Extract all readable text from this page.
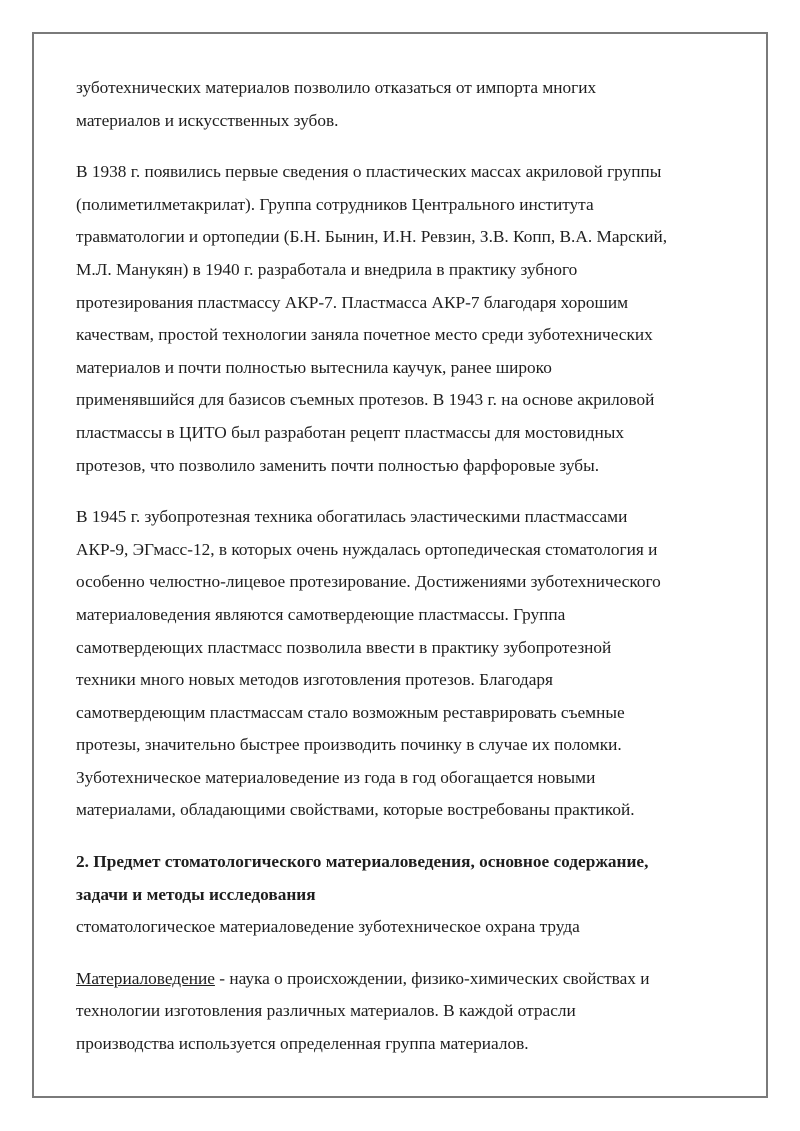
зуботехнических материалов позволило отказаться от импорта многих

материалов и искусственных зубов.

В 1938 г. появились первые сведения о пластических массах акриловой группы

(полиметилметакрилат). Группа сотрудников Центрального института

травматологии и ортопедии (Б.Н. Бынин, И.Н. Ревзин, З.В. Копп, В.А. Марский,

М.Л. Манукян) в 1940 г. разработала и внедрила в практику зубного

протезирования пластмассу АКР-7. Пластмасса АКР-7 благодаря хорошим

качествам, простой технологии заняла почетное место среди зуботехнических

материалов и почти полностью вытеснила каучук, ранее широко

применявшийся для базисов съемных протезов. В 1943 г. на основе акриловой

пластмассы в ЦИТО был разработан рецепт пластмассы для мостовидных

протезов, что позволило заменить почти полностью фарфоровые зубы.

В 1945 г. зубопротезная техника обогатилась эластическими пластмассами

АКР-9, ЭГмасс-12, в которых очень нуждалась ортопедическая стоматология и

особенно челюстно-лицевое протезирование. Достижениями зуботехнического

материаловедения являются самотвердеющие пластмассы. Группа

самотвердеющих пластмасс позволила ввести в практику зубопротезной

техники много новых методов изготовления протезов. Благодаря

самотвердеющим пластмассам стало возможным реставрировать съемные

протезы, значительно быстрее производить починку в случае их поломки.

Зуботехническое материаловедение из года в год обогащается новыми

материалами, обладающими свойствами, которые востребованы практикой.

2. Предмет стоматологического материаловедения, основное содержание,

задачи и методы исследования

стоматологическое материаловедение зуботехническое охрана труда

Материаловедение - наука о происхождении, физико-химических свойствах и

технологии изготовления различных материалов. В каждой отрасли

производства используется определенная группа материалов.
